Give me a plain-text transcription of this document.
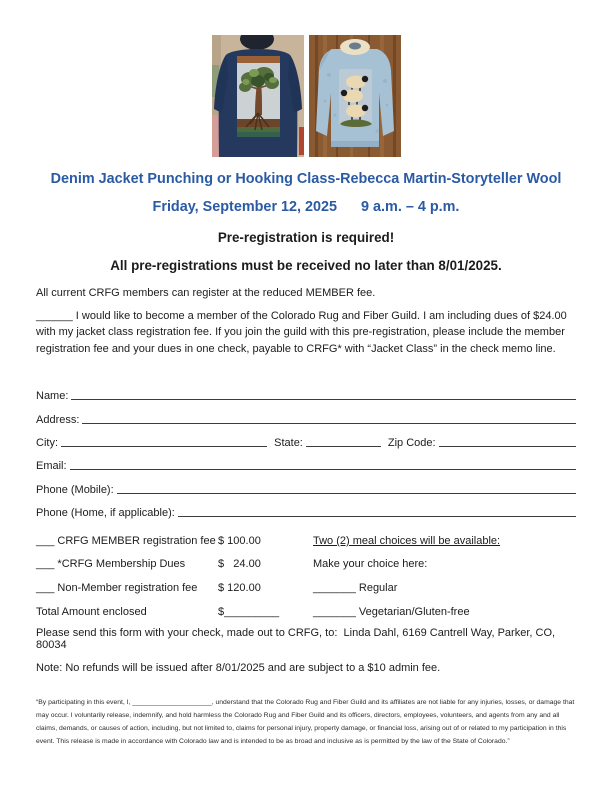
Denim Jacket Punching or Hooking Class-Rebecca Martin-Storyteller Wool
Friday, September 12, 2025      9 a.m. – 4 p.m.
Pre-registration is required!
All pre-registrations must be received no later than 8/01/2025.
All current CRFG members can register at the reduced MEMBER fee.
______ I would like to become a member of the Colorado Rug and Fiber Guild. I am including dues of $24.00 with my jacket class registration fee. If you join the guild with this pre-registration, please include the member registration fee and your dues in one check, payable to CRFG* with “Jacket Class” in the check memo line.
Name:
Address:
City:	State:	Zip Code:
Email:
Phone (Mobile):
Phone (Home, if applicable):
___ CRFG MEMBER registration fee $ 100.00	Two (2) meal choices will be available:
___ *CRFG Membership Dues	$   24.00	Make your choice here:
___ Non-Member registration fee	$ 120.00	_______ Regular
Total Amount enclosed	$_________	_______ Vegetarian/Gluten-free
Please send this form with your check, made out to CRFG, to:  Linda Dahl, 6169 Cantrell Way, Parker, CO, 80034
Note: No refunds will be issued after 8/01/2025 and are subject to a $10 admin fee.
“By participating in this event, I, _____________________, understand that the Colorado Rug and Fiber Guild and its affiliates are not liable for any injuries, losses, or damage that may occur. I voluntarily release, indemnify, and hold harmless the Colorado Rug and Fiber Guild and its officers, directors, employees, volunteers, and agents from any and all claims, demands, or causes of action, including, but not limited to, claims for personal injury, property damage, or financial loss, arising out of or related to my participation in this event. This release is made in accordance with Colorado law and is intended to be as broad and inclusive as is permitted by the law of the State of Colorado.”
